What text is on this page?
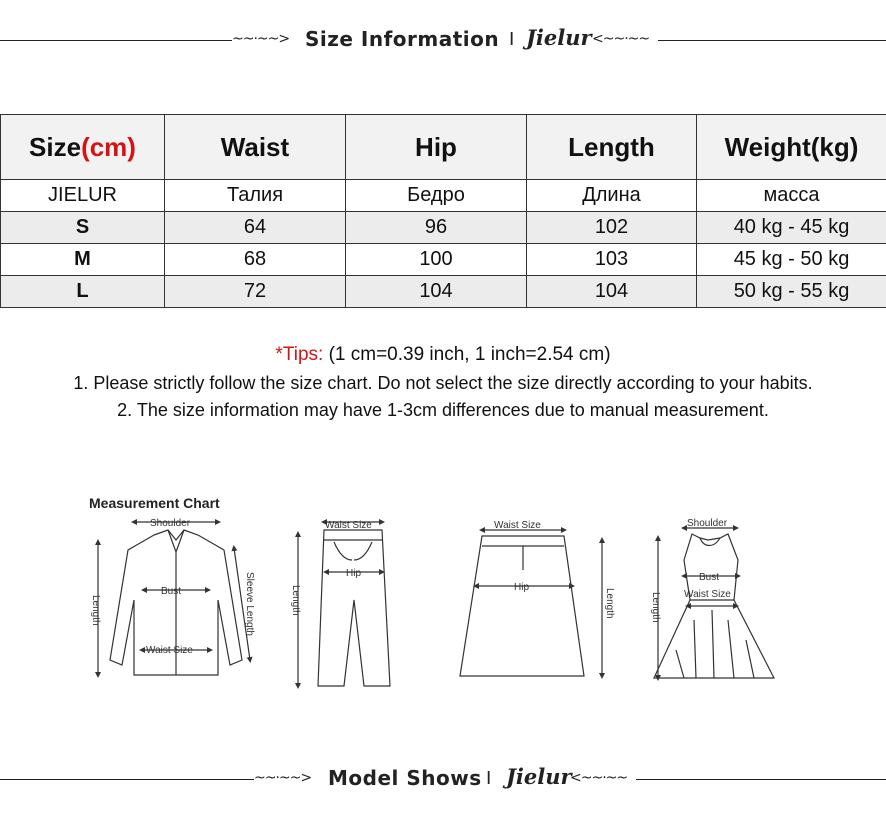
~~⋅~~> Size Information I Jielur <~~⋅~~
Size(cm)	Waist	Hip	Length	Weight(kg)
JIELUR	Талия	Бедро	Длина	масса
S	64	96	102	40 kg - 45 kg
M	68	100	103	45 kg - 50 kg
L	72	104	104	50 kg - 55 kg
*Tips: (1 cm=0.39 inch, 1 inch=2.54 cm)
1. Please strictly follow the size chart. Do not select the size directly according to your habits.
2. The size information may have 1-3cm differences due to manual measurement.
Measurement Chart
Shoulder
Bust
Waist Size
Length	Sleeve Length
Waist Size
Hip
Length
Waist Size
Hip
Length
Shoulder
Bust
Waist Size
Length
~~⋅~~> Model Shows I Jielur
<~~⋅~~
